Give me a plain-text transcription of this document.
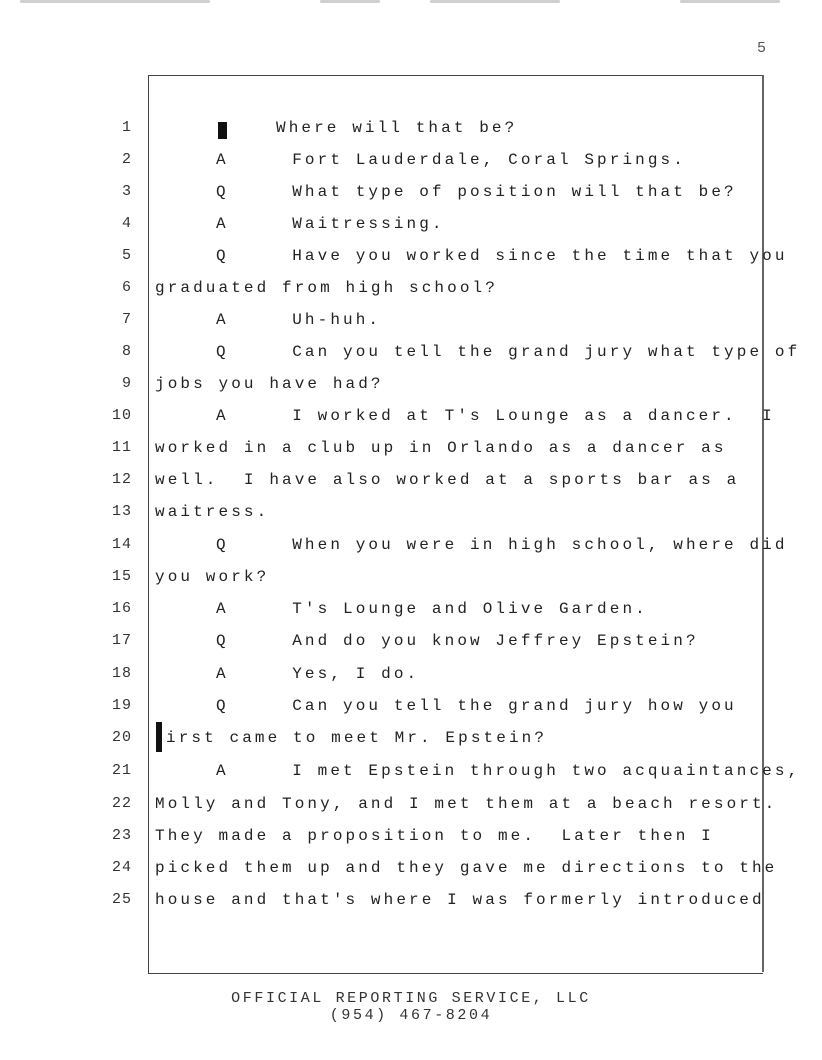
5
1
2
3
4
5
6
7
8
9
10
11
12
13
14
15
16
17
18
19
20
21
22
23
24
25
Where will that be?
A     Fort Lauderdale, Coral Springs.
Q     What type of position will that be?
A     Waitressing.
Q     Have you worked since the time that you
graduated from high school?
A     Uh-huh.
Q     Can you tell the grand jury what type of
jobs you have had?
A     I worked at T's Lounge as a dancer.  I
worked in a club up in Orlando as a dancer as
well.  I have also worked at a sports bar as a
waitress.
Q     When you were in high school, where did
you work?
A     T's Lounge and Olive Garden.
Q     And do you know Jeffrey Epstein?
A     Yes, I do.
Q     Can you tell the grand jury how you
irst came to meet Mr. Epstein?
A     I met Epstein through two acquaintances,
Molly and Tony, and I met them at a beach resort.
They made a proposition to me.  Later then I
picked them up and they gave me directions to the
house and that's where I was formerly introduced
OFFICIAL REPORTING SERVICE, LLC
(954) 467-8204
